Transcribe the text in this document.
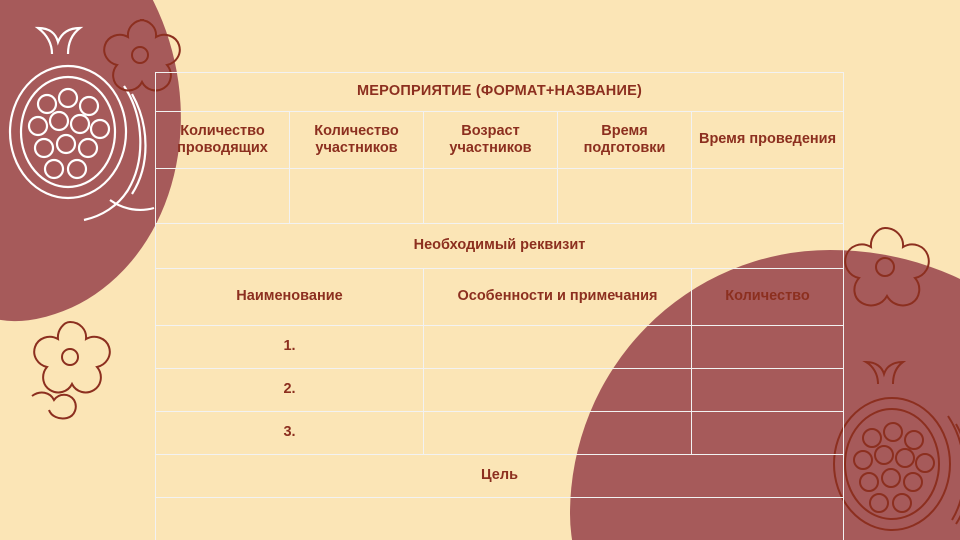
МЕРОПРИЯТИЕ (ФОРМАТ+НАЗВАНИЕ)				
Количество проводящих	Количество участников	Возраст участников	Время подготовки	Время проведения

Необходимый реквизит				
Наименование		Особенности и примечания		Количество
1.				
2.				
3.				
Цель				
